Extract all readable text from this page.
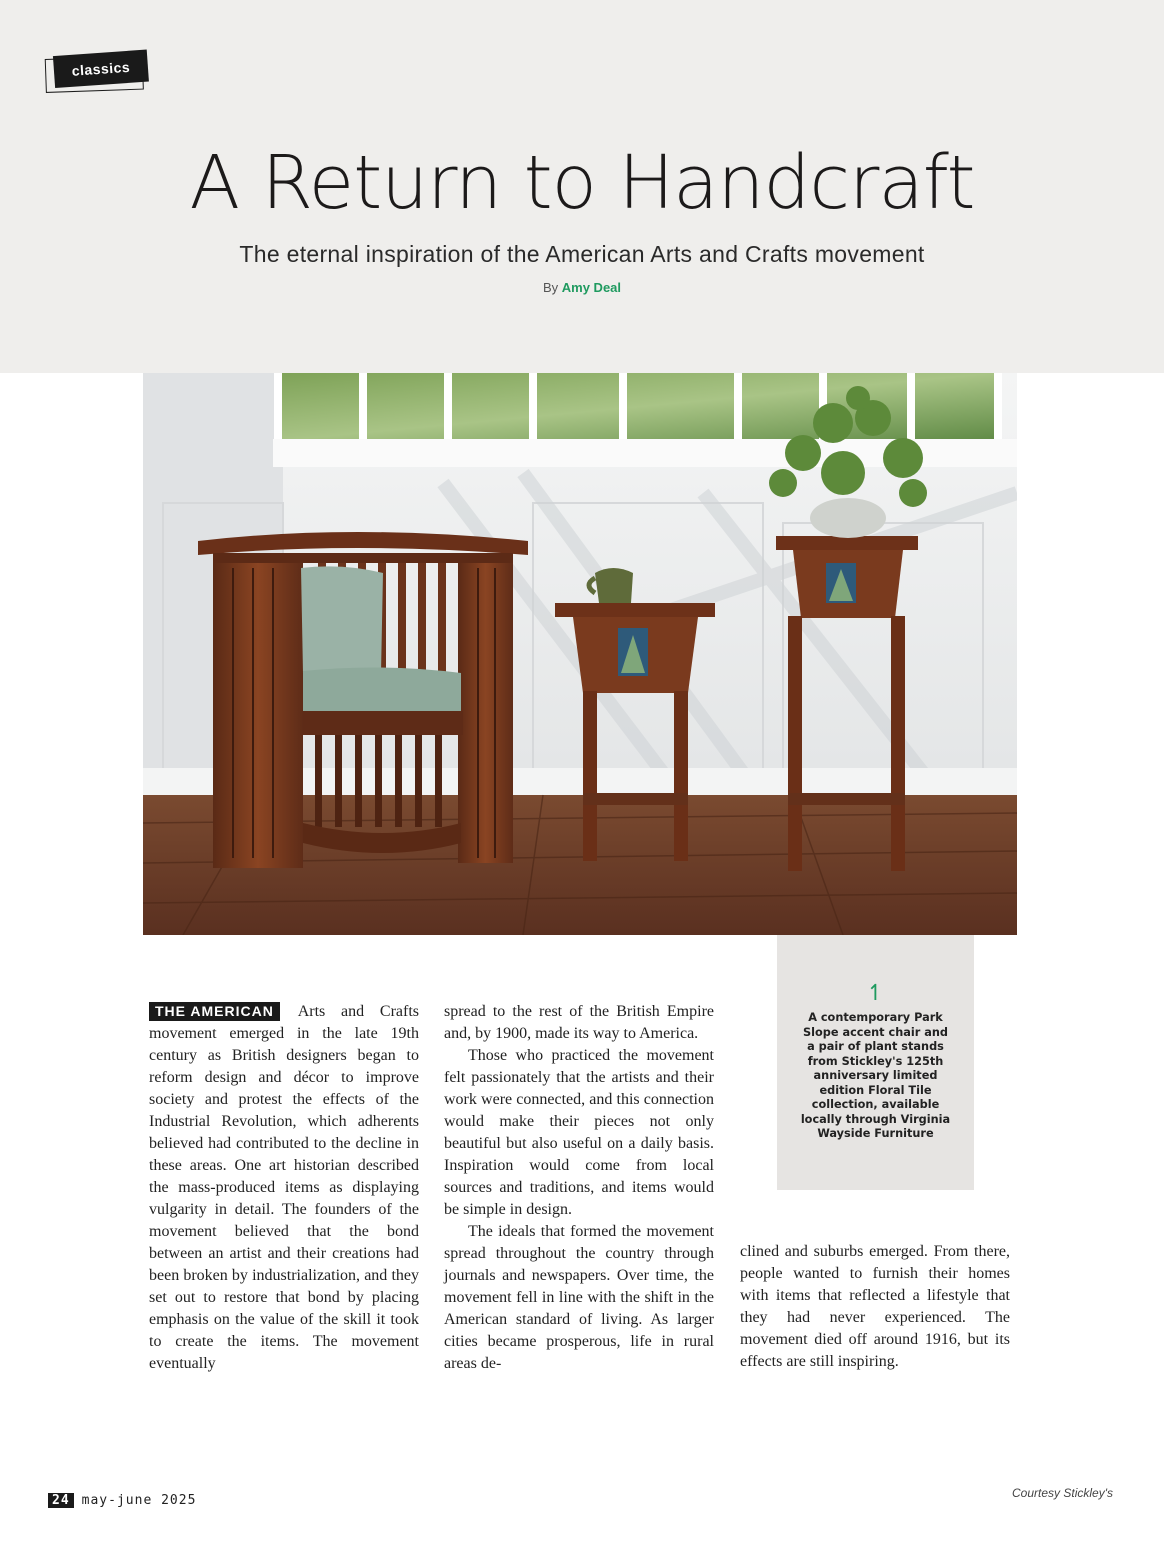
classics
A Return to Handcraft
The eternal inspiration of the American Arts and Crafts movement
By Amy Deal
↿
A contemporary Park Slope accent chair and a pair of plant stands from Stickley's 125th anniversary limited edition Floral Tile collection, available locally through Virginia Wayside Furniture

THE AMERICAN Arts and Crafts movement emerged in the late 19th century as British designers began to reform design and décor to improve society and protest the effects of the Industrial Revolution, which adherents believed had contributed to the decline in these areas. One art historian described the mass-produced items as displaying vulgarity in detail. The founders of the movement believed that the bond between an artist and their creations had been broken by industrialization, and they set out to restore that bond by placing emphasis on the value of the skill it took to create the items. The movement eventually

spread to the rest of the British Empire and, by 1900, made its way to America.

Those who practiced the movement felt passionately that the artists and their work were connected, and this connection would make their pieces not only beautiful but also useful on a daily basis. Inspiration would come from local sources and traditions, and items would be simple in design.

The ideals that formed the movement spread throughout the country through journals and newspapers. Over time, the movement fell in line with the shift in the American standard of living. As larger cities became prosperous, life in rural areas de-

clined and suburbs emerged. From there, people wanted to furnish their homes with items that reflected a lifestyle that they had never experienced. The movement died off around 1916, but its effects are still inspiring.

24 may-june 2025	Courtesy Stickley's
